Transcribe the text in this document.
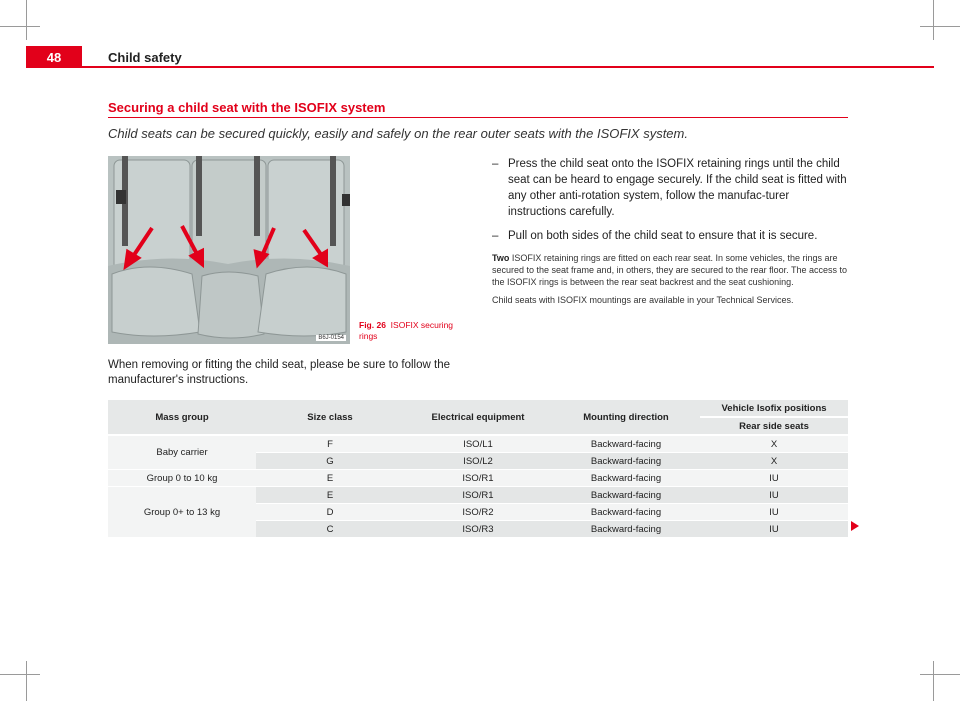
48	Child safety
Securing a child seat with the ISOFIX system
Child seats can be secured quickly, easily and safely on the rear outer seats with the ISOFIX system.
B6J-0154
Fig. 26 ISOFIX securing rings
When removing or fitting the child seat, please be sure to follow the manufacturer's instructions.
– Press the child seat onto the ISOFIX retaining rings until the child seat can be heard to engage securely. If the child seat is fitted with any other anti-rotation system, follow the manufac-turer instructions carefully.
– Pull on both sides of the child seat to ensure that it is secure.
Two ISOFIX retaining rings are fitted on each rear seat. In some vehicles, the rings are secured to the seat frame and, in others, they are secured to the rear floor. The access to the ISOFIX rings is between the rear seat backrest and the seat cushioning.
Child seats with ISOFIX mountings are available in your Technical Services.
Mass group	Size class	Electrical equipment	Mounting direction	Vehicle Isofix positions
				Rear side seats
Baby carrier	F	ISO/L1	Backward-facing	X
	G	ISO/L2	Backward-facing	X
Group 0 to 10 kg	E	ISO/R1	Backward-facing	IU
Group 0+ to 13 kg	E	ISO/R1	Backward-facing	IU
	D	ISO/R2	Backward-facing	IU
	C	ISO/R3	Backward-facing	IU
